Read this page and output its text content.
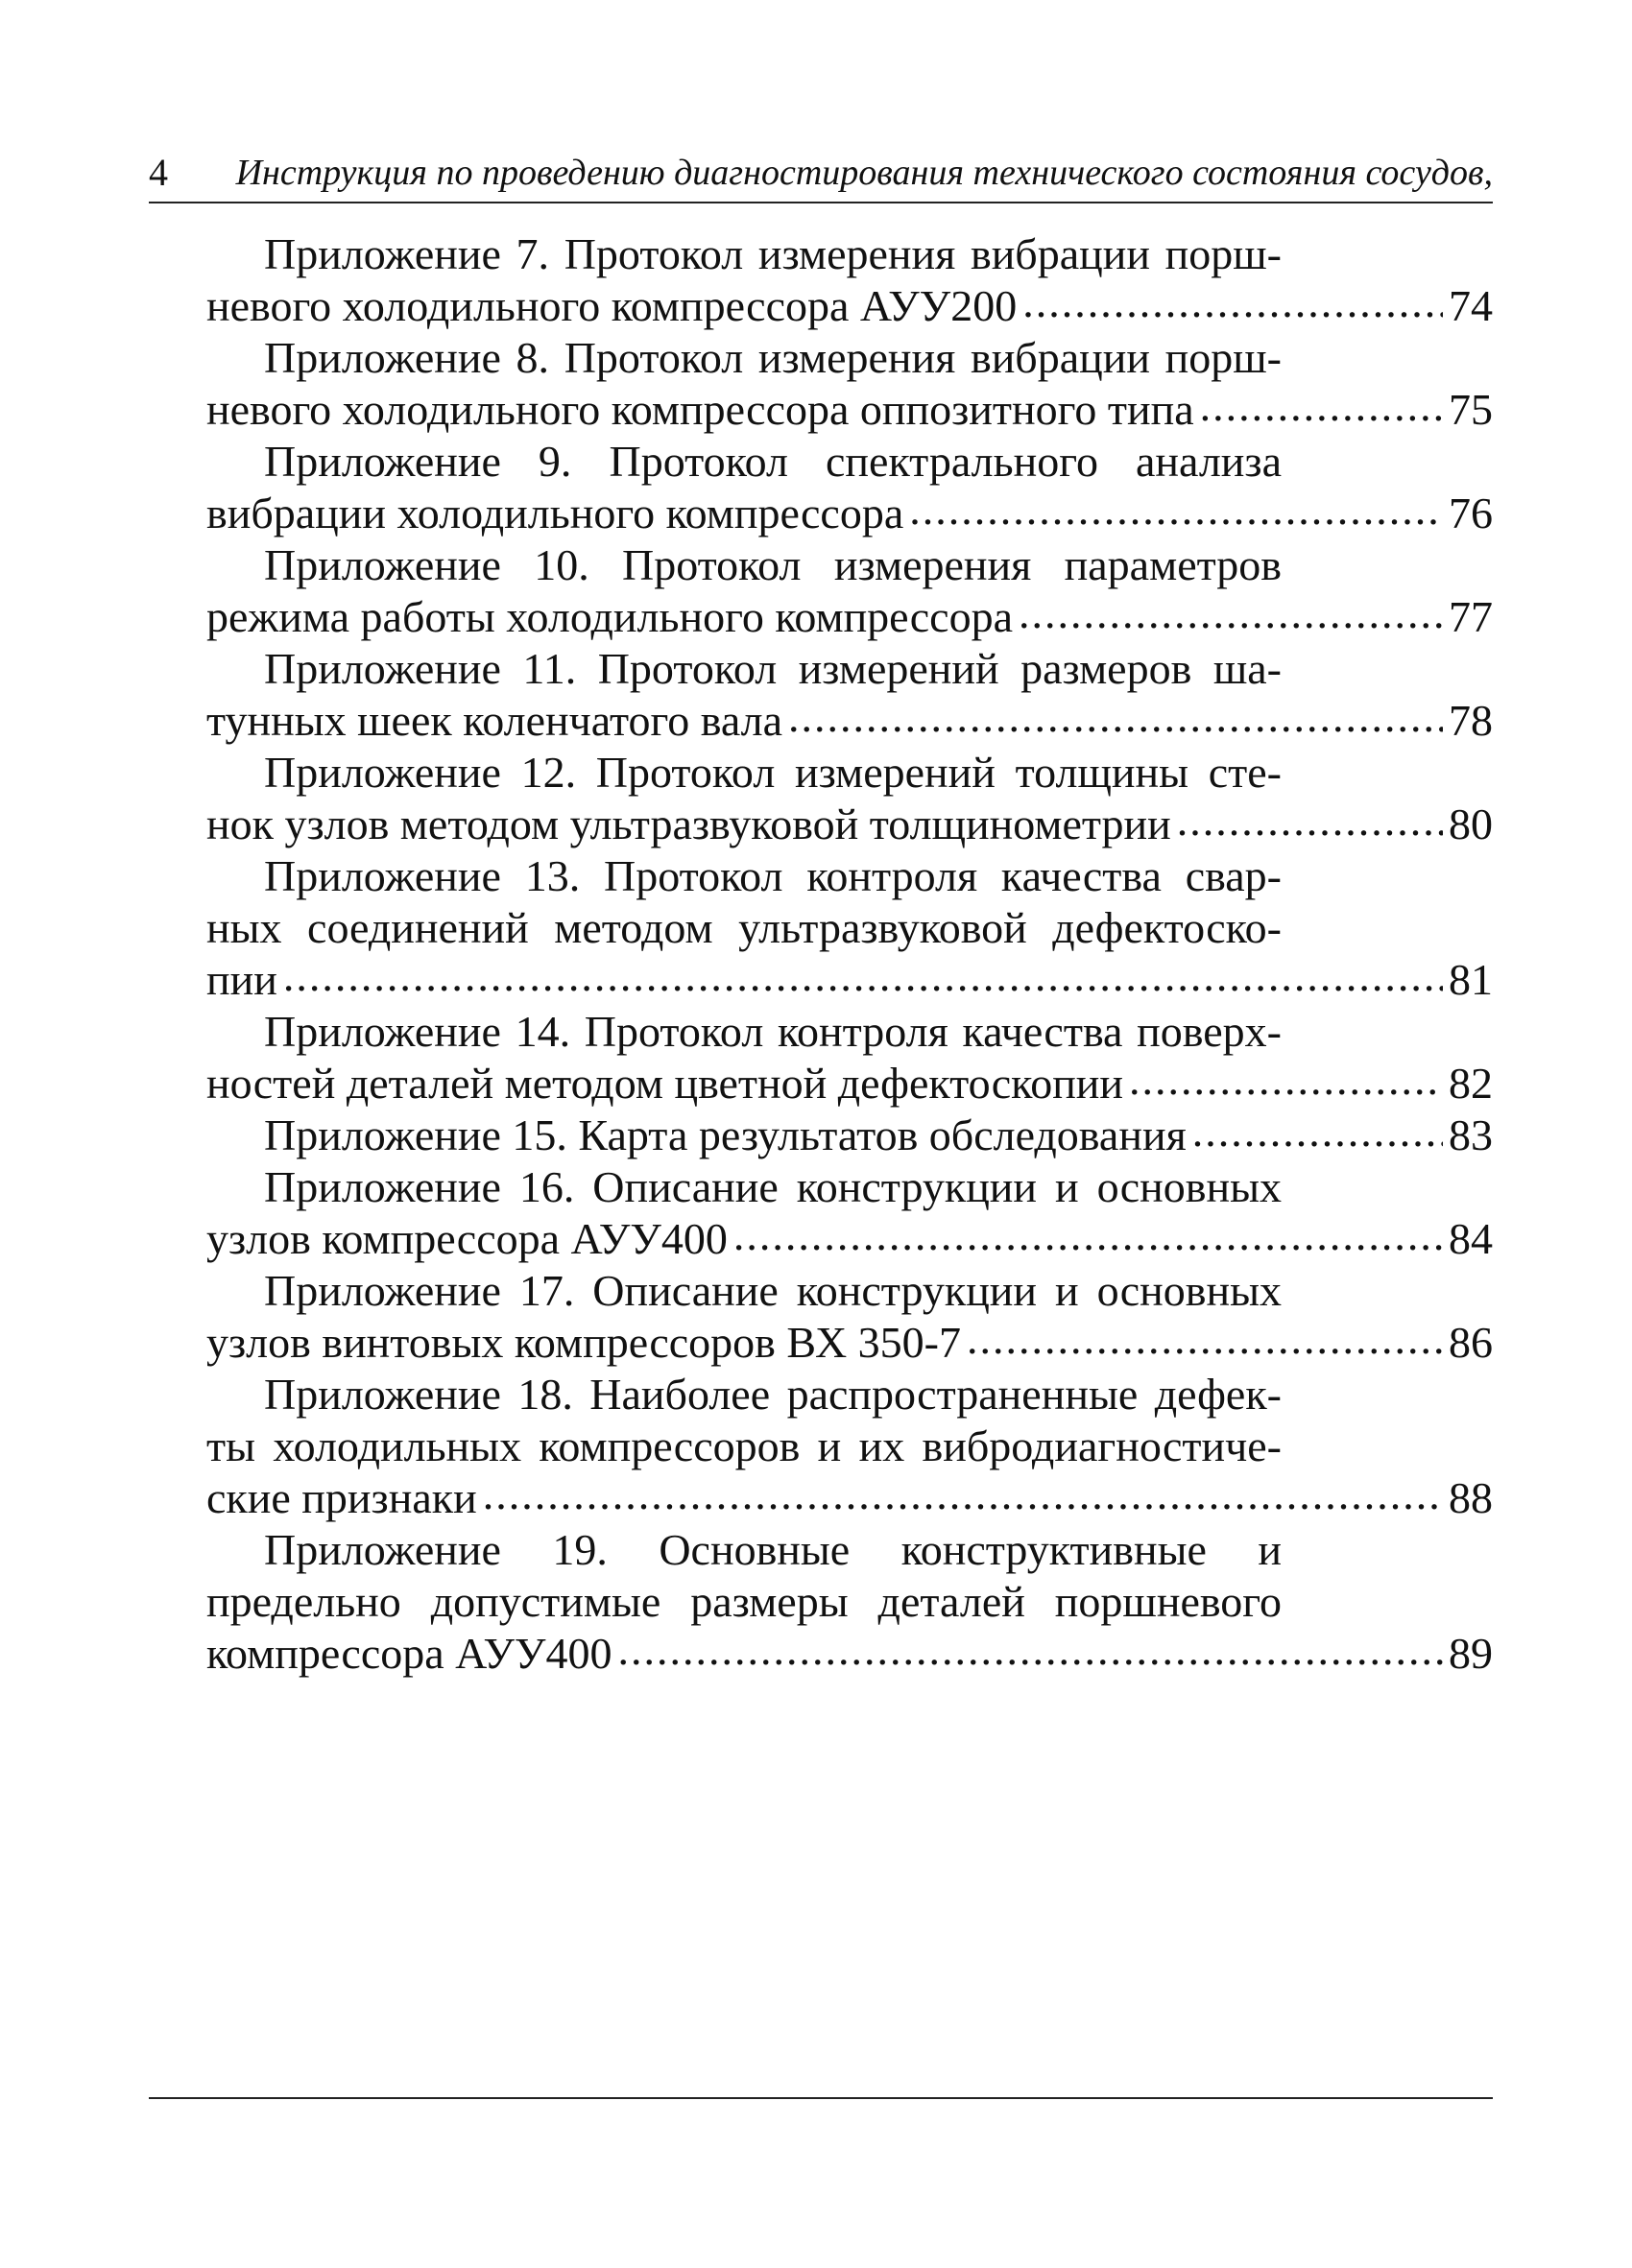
4 Инструкция по проведению диагностирования технического состояния сосудов,
Приложение 7. Протокол измерения вибрации порш-
невого холодильного компрессора АУУ200 .....	74
Приложение 8. Протокол измерения вибрации порш-
невого холодильного компрессора оппозитного типа .....	75
Приложение 9. Протокол спектрального анализа
вибрации холодильного компрессора .....	76
Приложение 10. Протокол измерения параметров
режима работы холодильного компрессора .....	77
Приложение 11. Протокол измерений размеров ша-
тунных шеек коленчатого вала .....	78
Приложение 12. Протокол измерений толщины сте-
нок узлов методом ультразвуковой толщинометрии .....	80
Приложение 13. Протокол контроля качества свар-
ных соединений методом ультразвуковой дефектоско-
пии .....	81
Приложение 14. Протокол контроля качества поверх-
ностей деталей методом цветной дефектоскопии .....	82
Приложение 15. Карта результатов обследования .....	83
Приложение 16. Описание конструкции и основных
узлов компрессора АУУ400 .....	84
Приложение 17. Описание конструкции и основных
узлов винтовых компрессоров ВХ 350-7 .....	86
Приложение 18. Наиболее распространенные дефек-
ты холодильных компрессоров и их вибродиагностиче-
ские признаки .....	88
Приложение 19. Основные конструктивные и
предельно допустимые размеры деталей поршневого
компрессора АУУ400 .....	89
